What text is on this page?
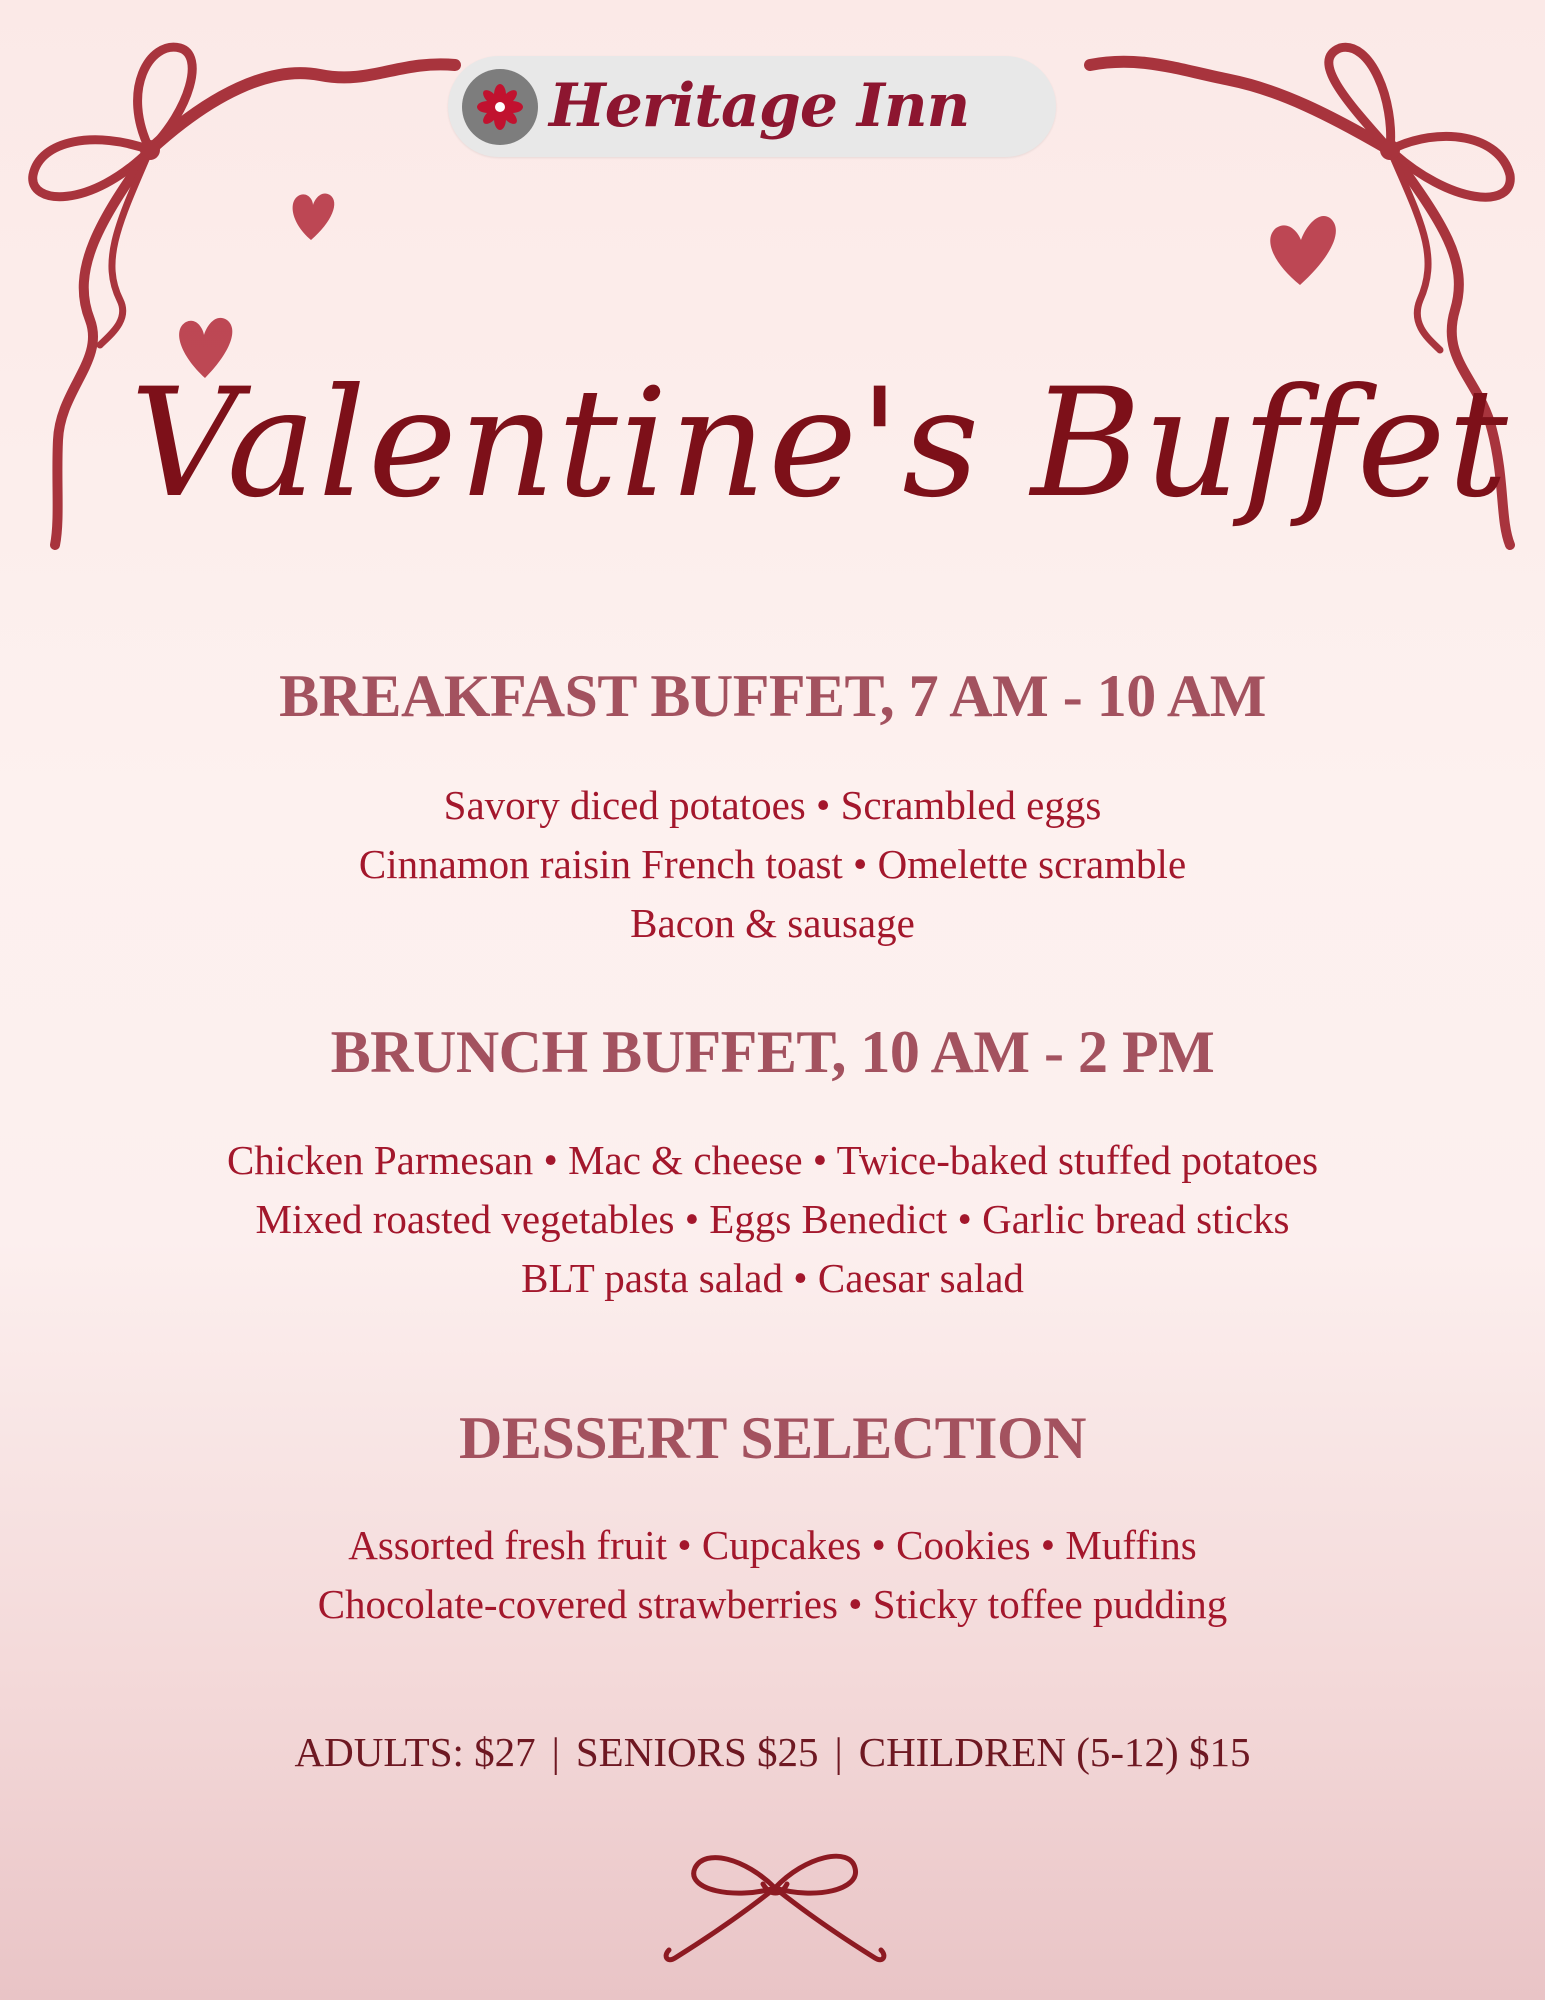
Heritage Inn
Valentine's Buffet
BREAKFAST BUFFET, 7 AM - 10 AM
Savory diced potatoes • Scrambled eggs
Cinnamon raisin French toast • Omelette scramble
Bacon & sausage
BRUNCH BUFFET, 10 AM - 2 PM
Chicken Parmesan • Mac & cheese • Twice-baked stuffed potatoes
Mixed roasted vegetables • Eggs Benedict • Garlic bread sticks
BLT pasta salad • Caesar salad
DESSERT SELECTION
Assorted fresh fruit • Cupcakes • Cookies • Muffins
Chocolate-covered strawberries • Sticky toffee pudding
ADULTS: $27 | SENIORS $25 | CHILDREN (5-12) $15
